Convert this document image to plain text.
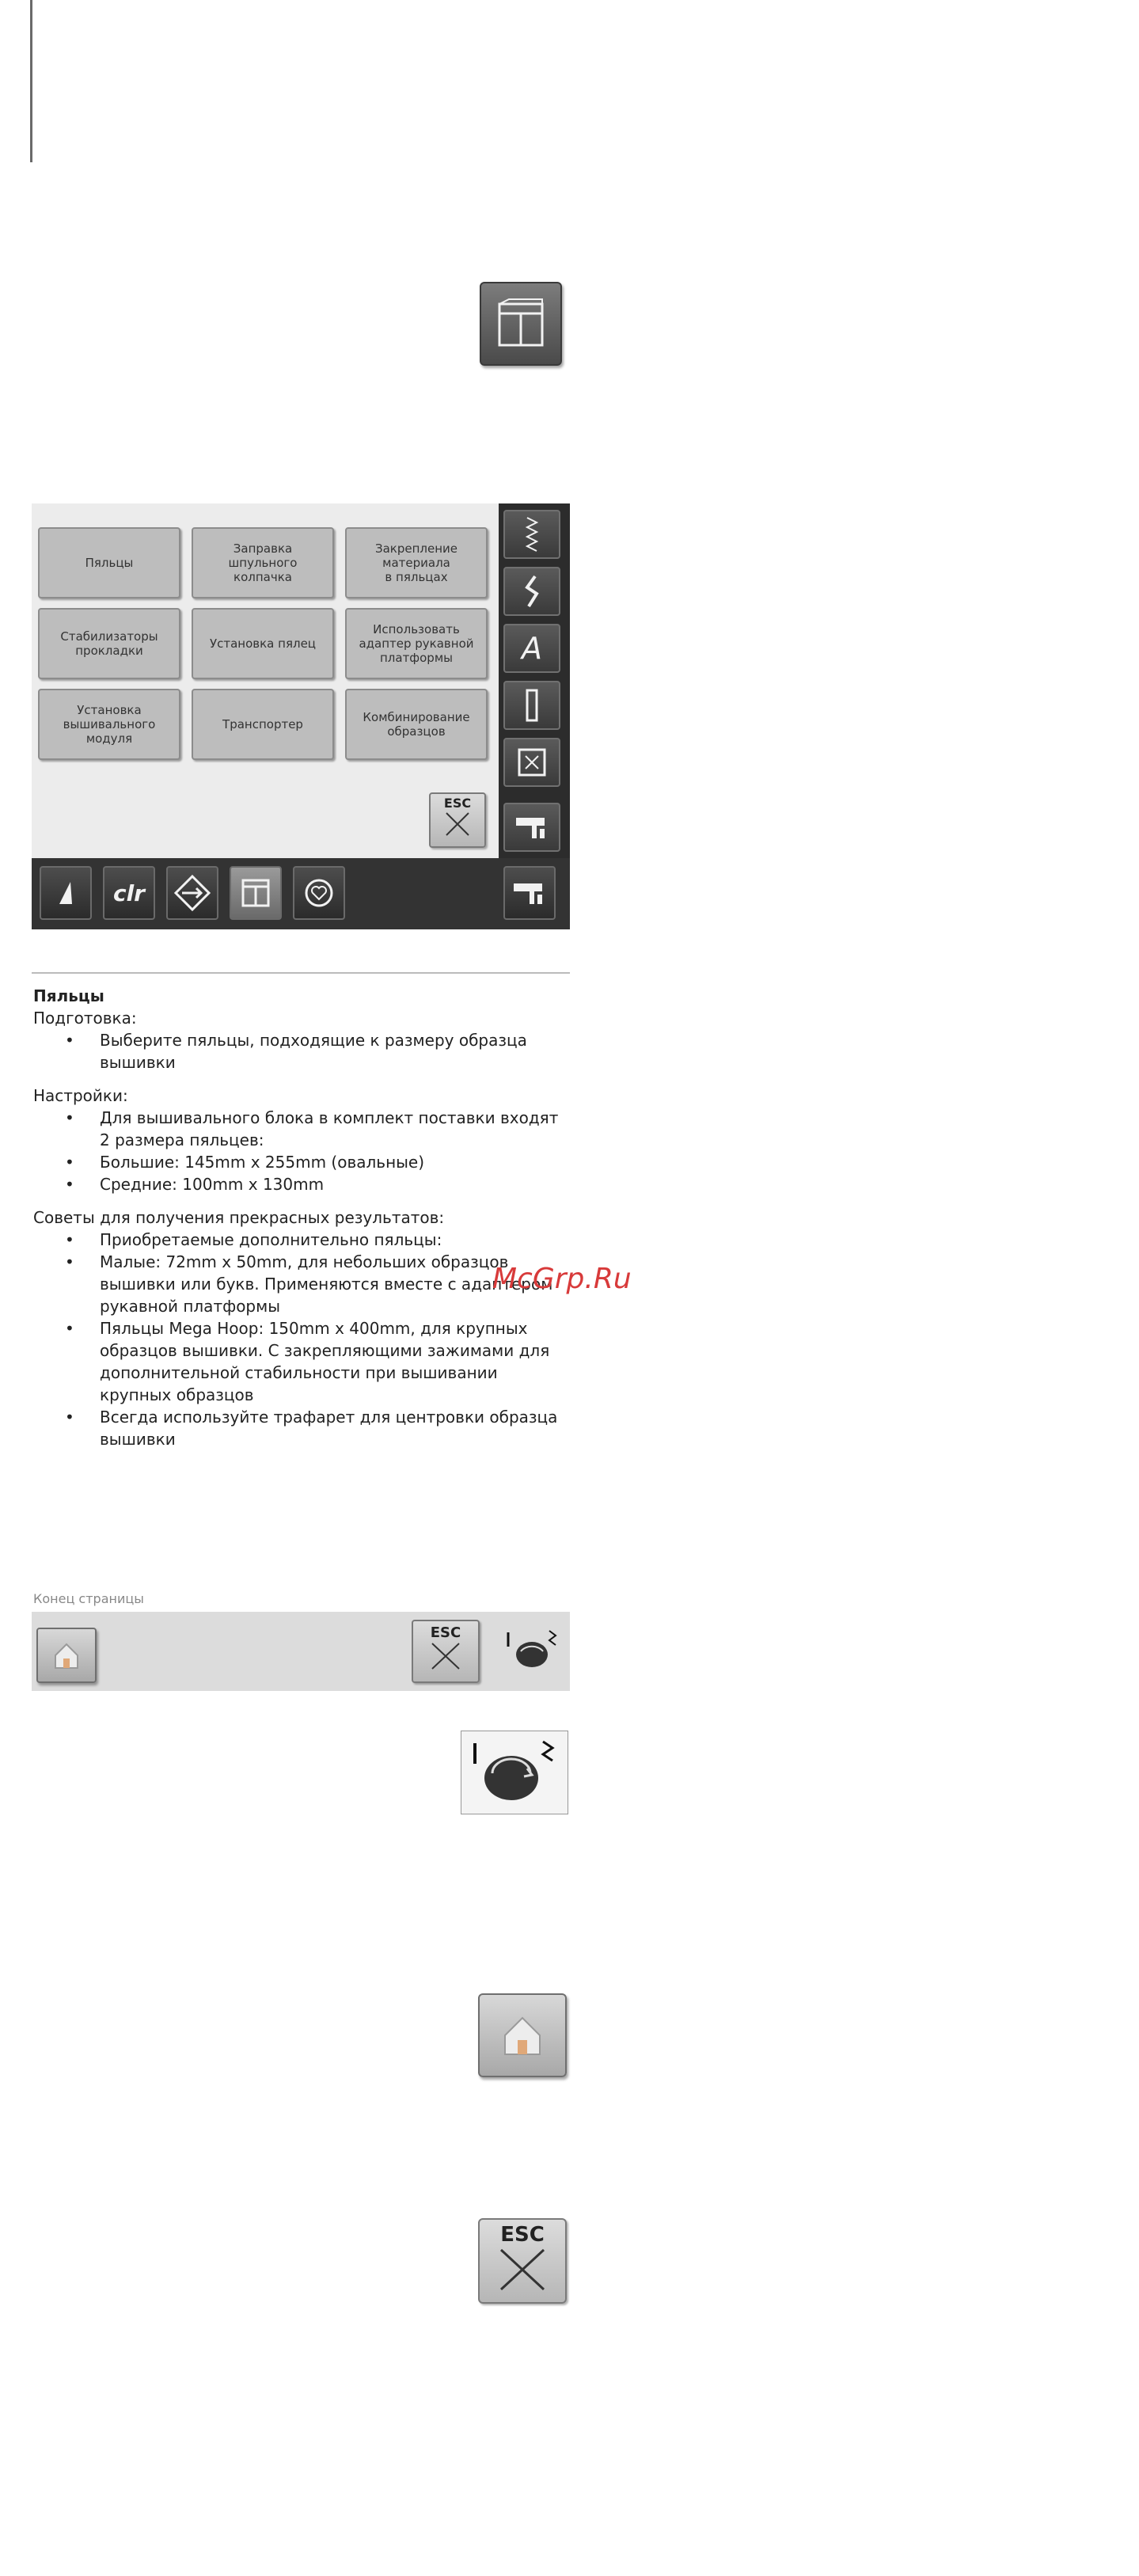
Пяльцы
Заправка
шпульного
колпачка
Закрепление
материала
в пяльцах
Стабилизаторы
прокладки	Установка пялец
Использовать
адаптер рукавной
платформы
Установка
вышивального
модуля
Транспортер	Комбинирование
образцов
ESC
A
clr
Пяльцы

Подготовка:

• Выберите пяльцы, подходящие к размеру образца вышивки

Настройки:

• Для вышивального блока в комплект поставки входят 2 размера пяльцев:
• Большие: 145mm x 255mm (овальные)
• Средние: 100mm x 130mm

Советы для получения прекрасных результатов:

• Приобретаемые дополнительно пяльцы:
• Малые: 72mm x 50mm, для небольших образцов вышивки или букв. Применяются вместе с адаптером рукавной платформы
• Пяльцы Mega Hoop: 150mm x 400mm, для крупных образцов вышивки. С закрепляющими зажимами для дополнительной стабильности при вышивании крупных образцов
• Всегда используйте трафарет для центровки образца вышивки
Конец страницы
ESC
ESC
McGrp.Ru
